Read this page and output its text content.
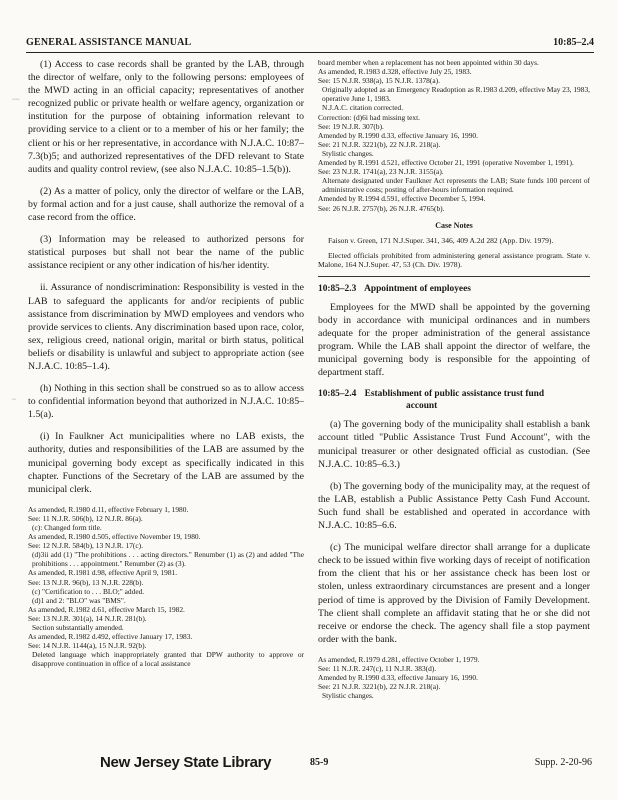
GENERAL ASSISTANCE MANUAL	10:85–2.4
~~
~

(1) Access to case records shall be granted by the LAB, through the director of welfare, only to the following persons: employees of the MWD acting in an official capacity; representatives of another recognized public or private health or welfare agency, organization or institution for the purpose of obtaining information relevant to providing service to a client or to a member of his or her family; the client or his or her representative, in accordance with N.J.A.C. 10:87–7.3(b)5; and authorized representatives of the DFD relevant to State audits and quality control review, (see also N.J.A.C. 10:85–1.5(b)).

(2) As a matter of policy, only the director of welfare or the LAB, by formal action and for a just cause, shall authorize the removal of a case record from the office.

(3) Information may be released to authorized persons for statistical purposes but shall not bear the name of the public assistance recipient or any other indication of his/her identity.

ii. Assurance of nondiscrimination: Responsibility is vested in the LAB to safeguard the applicants for and/or recipients of public assistance from discrimination by MWD employees and vendors who provide services to clients. Any discrimination based upon race, color, sex, religious creed, national origin, marital or birth status, political beliefs or disability is unlawful and subject to appropriate action (see N.J.A.C. 10:85–1.4).

(h) Nothing in this section shall be construed so as to allow access to confidential information beyond that authorized in N.J.A.C. 10:85–1.5(a).

(i) In Faulkner Act municipalities where no LAB exists, the authority, duties and responsibilities of the LAB are assumed by the municipal governing body except as specifically indicated in this chapter. Functions of the Secretary of the LAB are assumed by the municipal clerk.

As amended, R.1980 d.11, effective February 1, 1980.

See: 11 N.J.R. 506(b), 12 N.J.R. 86(a).

(c): Changed form title.

As amended, R.1980 d.505, effective November 19, 1980.

See: 12 N.J.R. 584(b), 13 N.J.R. 17(c).

(d)3ii add (1) "The prohibitions . . . acting directors." Renumber (1) as (2) and added "The prohibitions . . . appointment." Renumber (2) as (3).

As amended, R.1981 d.98, effective April 9, 1981.

See: 13 N.J.R. 96(b), 13 N.J.R. 228(b).

(c) "Certification to . . . BLO;" added.

(d)1 and 2: "BLO" was "BMS".

As amended, R.1982 d.61, effective March 15, 1982.

See: 13 N.J.R. 301(a), 14 N.J.R. 281(b).

Section substantially amended.

As amended, R.1982 d.492, effective January 17, 1983.

See: 14 N.J.R. 1144(a), 15 N.J.R. 92(b).

Deleted language which inappropriately granted that DPW authority to approve or disapprove continuation in office of a local assistance

board member when a replacement has not been appointed within 30 days.

As amended, R.1983 d.328, effective July 25, 1983.

See: 15 N.J.R. 938(a), 15 N.J.R. 1378(a).

Originally adopted as an Emergency Readoption as R.1983 d.209, effective May 23, 1983, operative June 1, 1983.

N.J.A.C. citation corrected.

Correction: (d)6i had missing text.

See: 19 N.J.R. 307(b).

Amended by R.1990 d.33, effective January 16, 1990.

See: 21 N.J.R. 3221(b), 22 N.J.R. 218(a).

Stylistic changes.

Amended by R.1991 d.521, effective October 21, 1991 (operative November 1, 1991).

See: 23 N.J.R. 1741(a), 23 N.J.R. 3155(a).

Alternate designated under Faulkner Act represents the LAB; State funds 100 percent of administrative costs; posting of after-hours information required.

Amended by R.1994 d.591, effective December 5, 1994.

See: 26 N.J.R. 2757(b), 26 N.J.R. 4765(b).

Case Notes

Faison v. Green, 171 N.J.Super. 341, 346, 409 A.2d 282 (App. Div. 1979).

Elected officials prohibited from administering general assistance program. State v. Malone, 164 N.J.Super. 47, 53 (Ch. Div. 1978).

10:85–2.3 Appointment of employees

Employees for the MWD shall be appointed by the governing body in accordance with municipal ordinances and in numbers adequate for the proper administration of the general assistance program. While the LAB shall appoint the director of welfare, the municipal governing body is responsible for the appointing of department staff.

10:85–2.4 Establishment of public assistance trust fund
account

(a) The governing body of the municipality shall establish a bank account titled "Public Assistance Trust Fund Account", with the municipal treasurer or other designated official as custodian. (See N.J.A.C. 10:85–6.3.)

(b) The governing body of the municipality may, at the request of the LAB, establish a Public Assistance Petty Cash Fund Account. Such fund shall be established and operated in accordance with N.J.A.C. 10:85–6.6.

(c) The municipal welfare director shall arrange for a duplicate check to be issued within five working days of receipt of notification from the client that his or her assistance check has been lost or stolen, unless extraordinary circumstances are present and a longer period of time is approved by the Division of Family Development. The client shall complete an affidavit stating that he or she did not receive or endorse the check. The agency shall file a stop payment order with the bank.

As amended, R.1979 d.281, effective October 1, 1979.

See: 11 N.J.R. 247(c), 11 N.J.R. 383(d).

Amended by R.1990 d.33, effective January 16, 1990.

See: 21 N.J.R. 3221(b), 22 N.J.R. 218(a).

Stylistic changes.

New Jersey State Library	85-9	Supp. 2-20-96
